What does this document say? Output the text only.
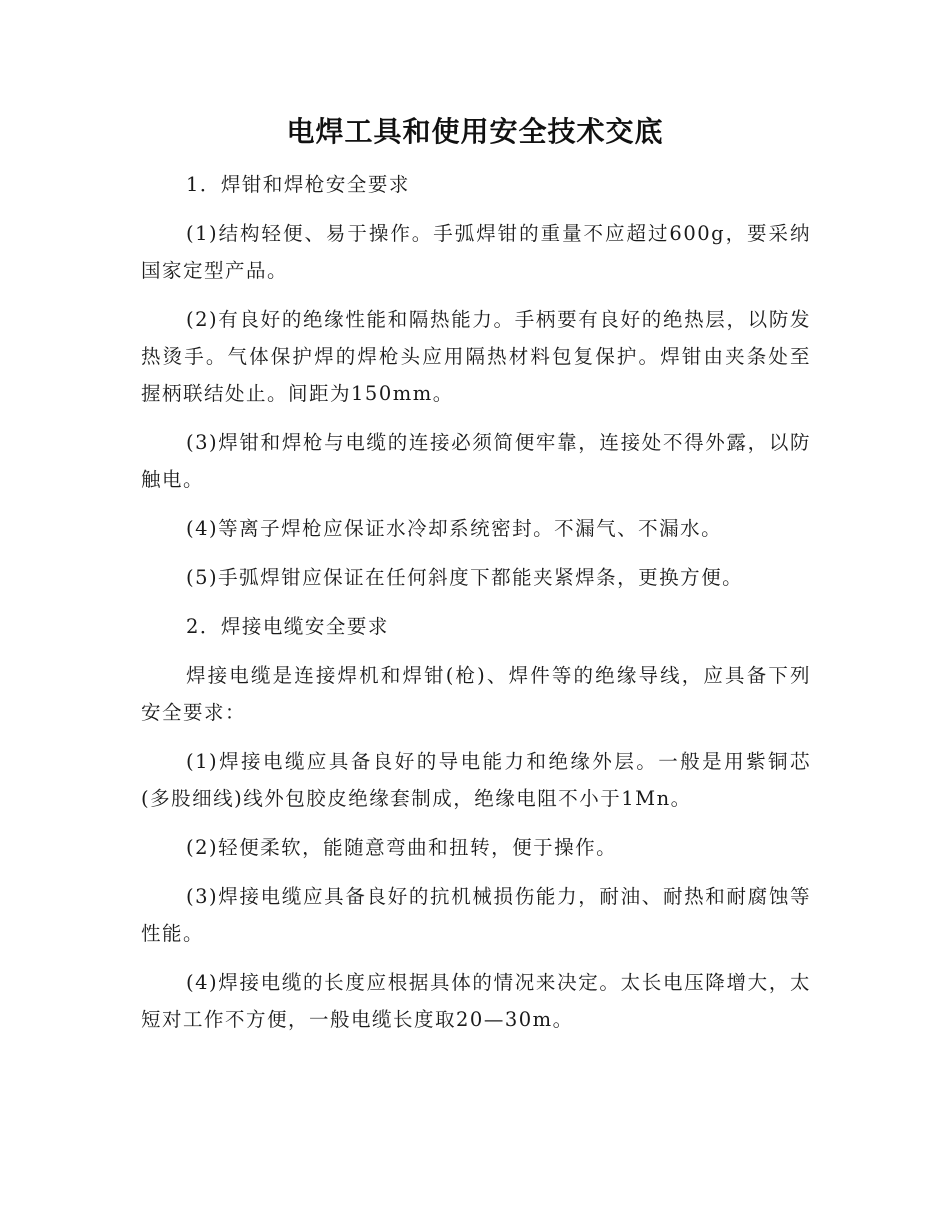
电焊工具和使用安全技术交底

1．焊钳和焊枪安全要求

(1)结构轻便、易于操作。手弧焊钳的重量不应超过600g，要采纳国家定型产品。

(2)有良好的绝缘性能和隔热能力。手柄要有良好的绝热层，以防发热烫手。气体保护焊的焊枪头应用隔热材料包复保护。焊钳由夹条处至握柄联结处止。间距为150mm。

(3)焊钳和焊枪与电缆的连接必须简便牢靠，连接处不得外露，以防触电。

(4)等离子焊枪应保证水冷却系统密封。不漏气、不漏水。

(5)手弧焊钳应保证在任何斜度下都能夹紧焊条，更换方便。

2．焊接电缆安全要求

焊接电缆是连接焊机和焊钳(枪)、焊件等的绝缘导线，应具备下列安全要求：

(1)焊接电缆应具备良好的导电能力和绝缘外层。一般是用紫铜芯(多股细线)线外包胶皮绝缘套制成，绝缘电阻不小于1Mn。

(2)轻便柔软，能随意弯曲和扭转，便于操作。

(3)焊接电缆应具备良好的抗机械损伤能力，耐油、耐热和耐腐蚀等性能。

(4)焊接电缆的长度应根据具体的情况来决定。太长电压降增大，太短对工作不方便，一般电缆长度取20—30m。
